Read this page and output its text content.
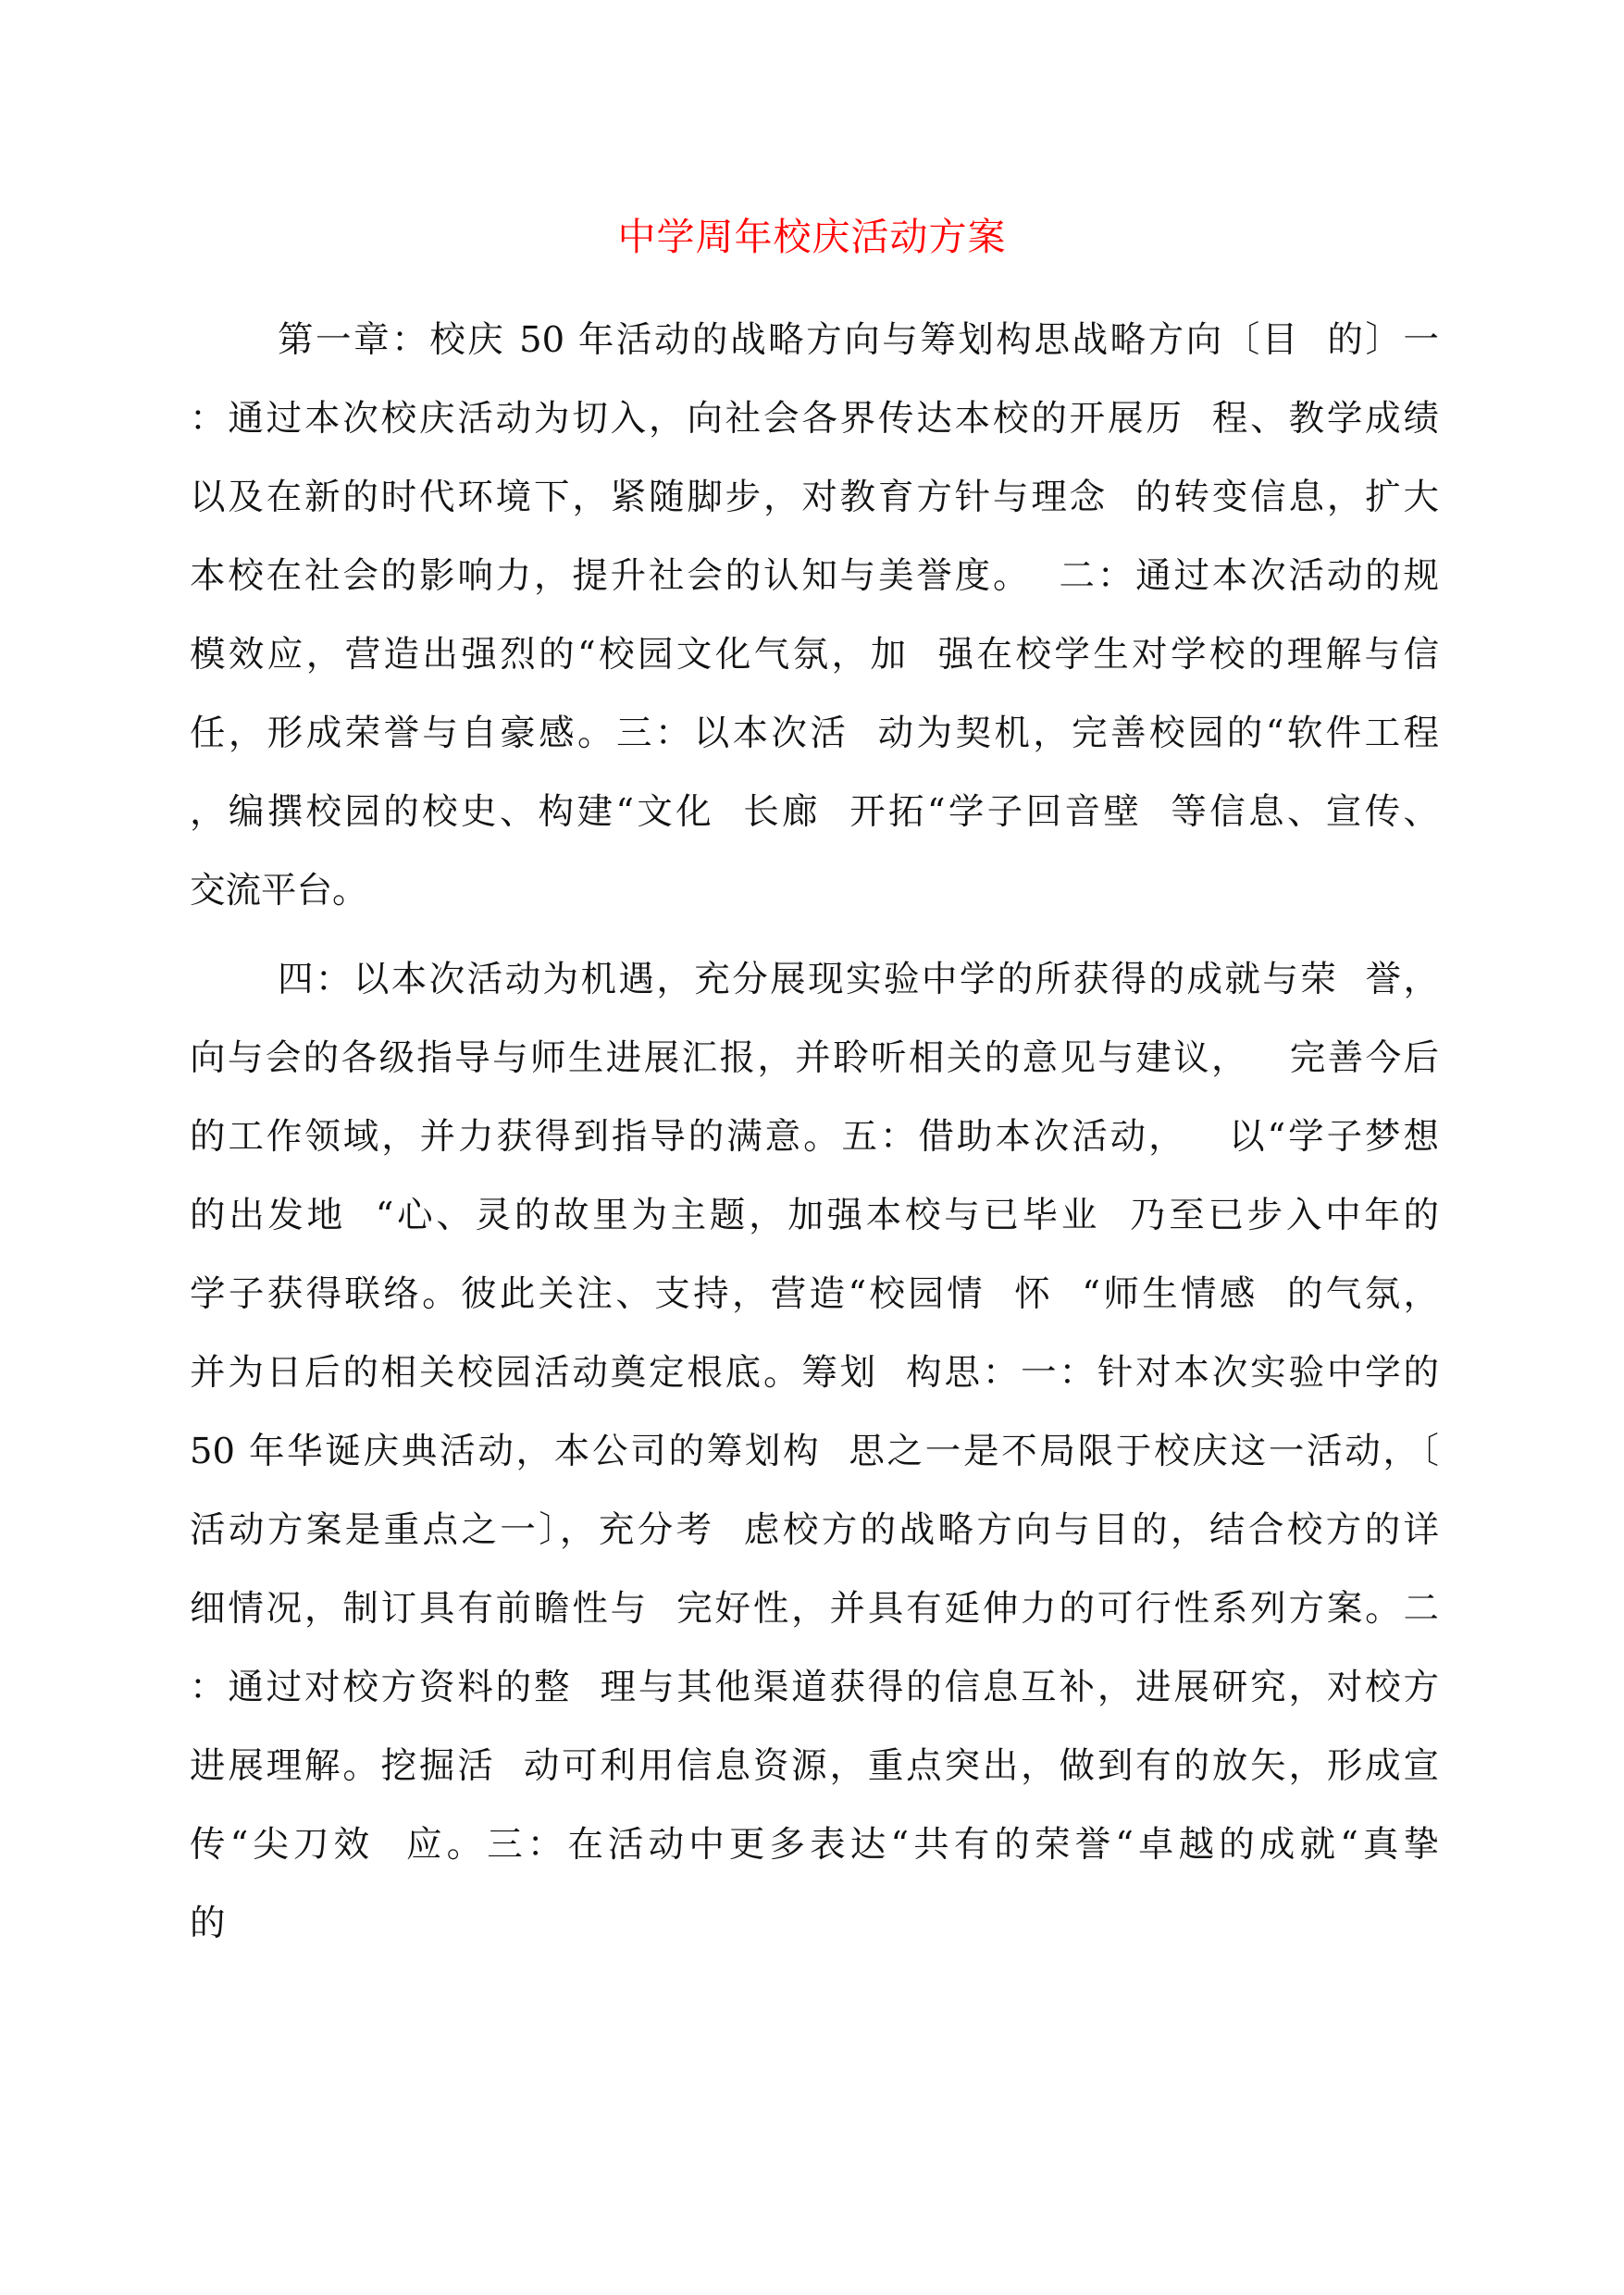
中学周年校庆活动方案
第一章：校庆 50 年活动的战略方向与筹划构思战略方向〔目  的〕一
：通过本次校庆活动为切入，向社会各界传达本校的开展历  程、教学成绩
以及在新的时代环境下，紧随脚步，对教育方针与理念  的转变信息，扩大
本校在社会的影响力，提升社会的认知与美誉度。  二：通过本次活动的规
模效应，营造出强烈的“校园文化气氛，加  强在校学生对学校的理解与信
任，形成荣誉与自豪感。三：以本次活  动为契机，完善校园的“软件工程
，编撰校园的校史、构建“文化  长廊  开拓“学子回音壁  等信息、宣传、
交流平台。
四：以本次活动为机遇，充分展现实验中学的所获得的成就与荣  誉，
向与会的各级指导与师生进展汇报，并聆听相关的意见与建议，   完善今后
的工作领域，并力获得到指导的满意。五：借助本次活动，   以“学子梦想
的出发地  “心、灵的故里为主题，加强本校与已毕业  乃至已步入中年的
学子获得联络。彼此关注、支持，营造“校园情  怀  “师生情感  的气氛，
并为日后的相关校园活动奠定根底。筹划  构思：一：针对本次实验中学的
50 年华诞庆典活动，本公司的筹划构  思之一是不局限于校庆这一活动，〔
活动方案是重点之一〕，充分考  虑校方的战略方向与目的，结合校方的详
细情况，制订具有前瞻性与  完好性，并具有延伸力的可行性系列方案。二
：通过对校方资料的整  理与其他渠道获得的信息互补，进展研究，对校方
进展理解。挖掘活  动可利用信息资源，重点突出，做到有的放矢，形成宣
传“尖刀效  应。三：在活动中更多表达“共有的荣誉“卓越的成就“真挚
的
